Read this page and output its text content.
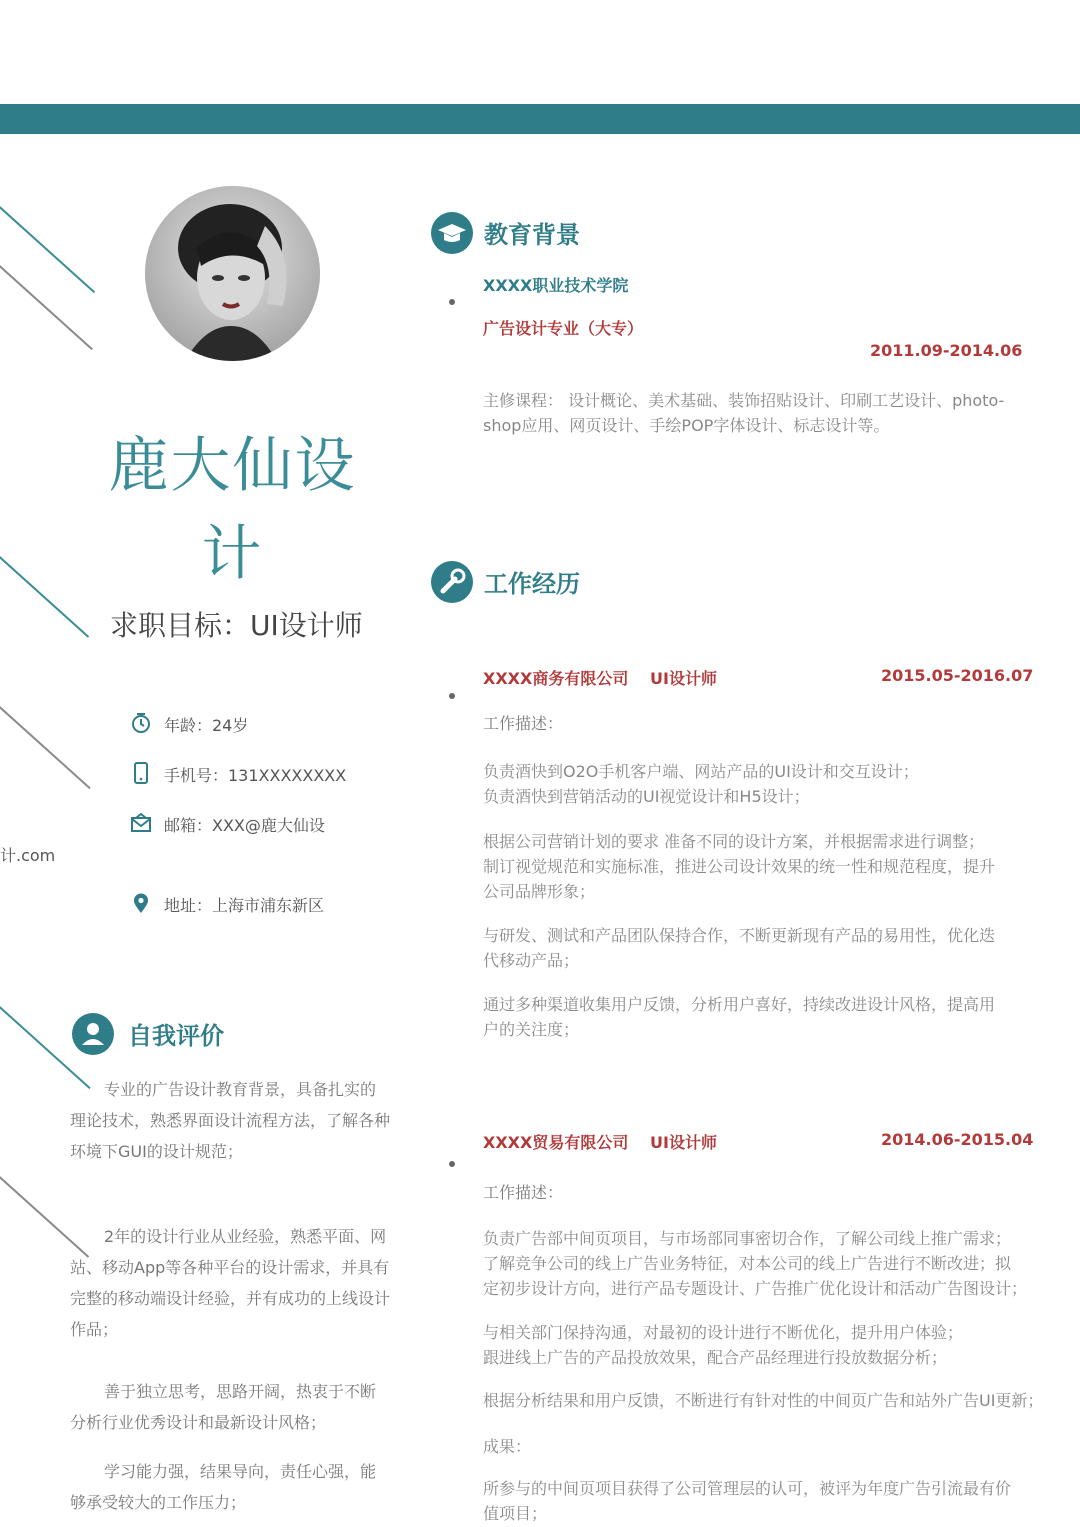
鹿大仙设计
求职目标：UI设计师
年龄：24岁
手机号：131XXXXXXXX
邮箱：XXX@鹿大仙设
计.com
地址：上海市浦东新区
自我评价
专业的广告设计教育背景，具备扎实的理论技术，熟悉界面设计流程方法，了解各种环境下GUI的设计规范；
2年的设计行业从业经验，熟悉平面、网站、移动App等各种平台的设计需求，并具有完整的移动端设计经验，并有成功的上线设计作品；
善于独立思考，思路开阔，热衷于不断分析行业优秀设计和最新设计风格；
学习能力强，结果导向，责任心强，能够承受较大的工作压力；
教育背景
XXXX职业技术学院
广告设计专业（大专）
2011.09-2014.06
主修课程： 设计概论、美术基础、装饰招贴设计、印刷工艺设计、photo-shop应用、网页设计、手绘POP字体设计、标志设计等。
工作经历
XXXX商务有限公司 UI设计师	2015.05-2016.07
工作描述：
负责酒快到O2O手机客户端、网站产品的UI设计和交互设计；
负责酒快到营销活动的UI视觉设计和H5设计；
根据公司营销计划的要求 准备不同的设计方案，并根据需求进行调整；
制订视觉规范和实施标准，推进公司设计效果的统一性和规范程度，提升
公司品牌形象；
与研发、测试和产品团队保持合作，不断更新现有产品的易用性，优化迭
代移动产品；
通过多种渠道收集用户反馈，分析用户喜好，持续改进设计风格，提高用
户的关注度；
XXXX贸易有限公司 UI设计师	2014.06-2015.04
工作描述：
负责广告部中间页项目，与市场部同事密切合作，了解公司线上推广需求；
了解竞争公司的线上广告业务特征，对本公司的线上广告进行不断改进；拟
定初步设计方向，进行产品专题设计、广告推广优化设计和活动广告图设计；
与相关部门保持沟通，对最初的设计进行不断优化，提升用户体验；
跟进线上广告的产品投放效果，配合产品经理进行投放数据分析；
根据分析结果和用户反馈，不断进行有针对性的中间页广告和站外广告UI更新；
成果：
所参与的中间页项目获得了公司管理层的认可，被评为年度广告引流最有价
值项目；
